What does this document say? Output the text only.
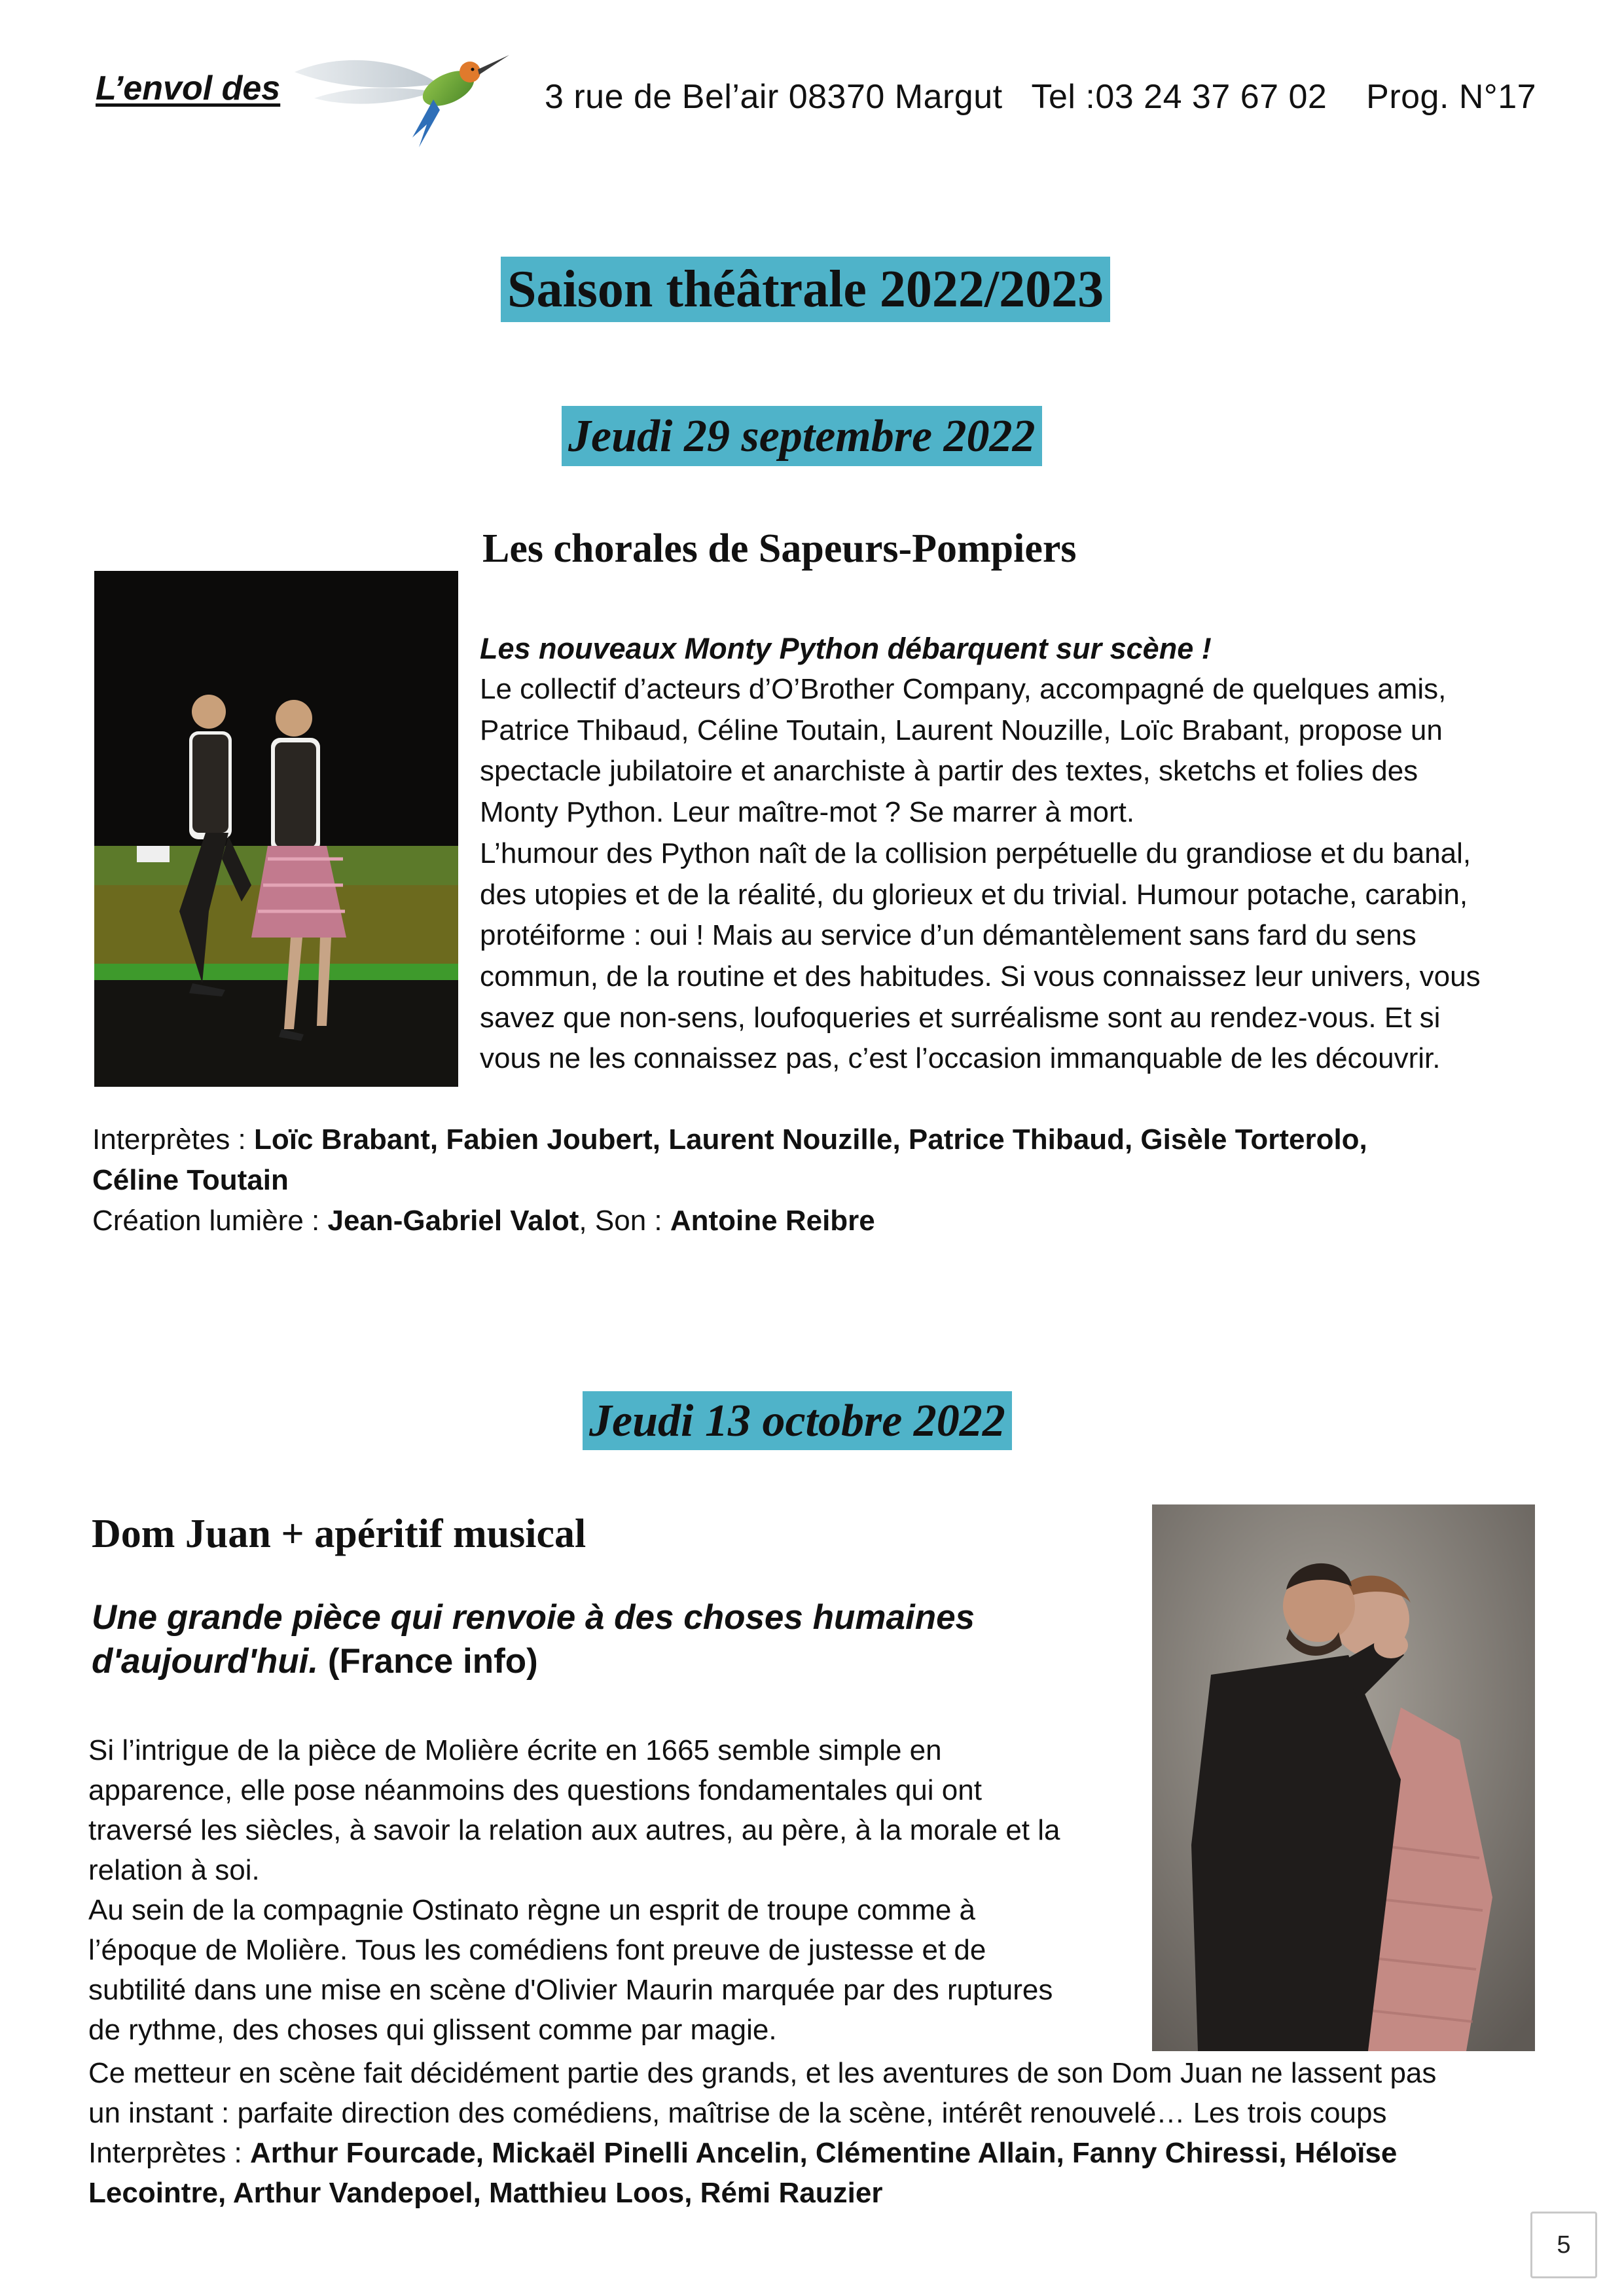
L’envol des	3 rue de Bel’air 08370 Margut   Tel :03 24 37 67 02    Prog. N°17
Saison théâtrale 2022/2023
Jeudi 29 septembre 2022
Les chorales de Sapeurs-Pompiers
Les nouveaux Monty Python débarquent sur scène !

Le collectif d’acteurs d’O’Brother Company, accompagné de quelques amis,

Patrice Thibaud, Céline Toutain, Laurent Nouzille, Loïc Brabant, propose un

spectacle jubilatoire et anarchiste à partir des textes, sketchs et folies des

Monty Python. Leur maître-mot ? Se marrer à mort.

L’humour des Python naît de la collision perpétuelle du grandiose et du banal,

des utopies et de la réalité, du glorieux et du trivial. Humour potache, carabin,

protéiforme : oui ! Mais au service d’un démantèlement sans fard du sens

commun, de la routine et des habitudes. Si vous connaissez leur univers, vous

savez que non-sens, loufoqueries et surréalisme sont au rendez-vous. Et si

vous ne les connaissez pas, c’est l’occasion immanquable de les découvrir.

Interprètes : Loïc Brabant, Fabien Joubert, Laurent Nouzille, Patrice Thibaud, Gisèle Torterolo,

Céline Toutain

Création lumière : Jean-Gabriel Valot, Son : Antoine Reibre

Jeudi 13 octobre 2022
Dom Juan + apéritif musical
Une grande pièce qui renvoie à des choses humaines
d'aujourd'hui. (France info)

Si l’intrigue de la pièce de Molière écrite en 1665 semble simple en

apparence, elle pose néanmoins des questions fondamentales qui ont

traversé les siècles, à savoir la relation aux autres, au père, à la morale et la

relation à soi.

Au sein de la compagnie Ostinato règne un esprit de troupe comme à

l’époque de Molière. Tous les comédiens font preuve de justesse et de

subtilité dans une mise en scène d'Olivier Maurin marquée par des ruptures

de rythme, des choses qui glissent comme par magie.

Ce metteur en scène fait décidément partie des grands, et les aventures de son Dom Juan ne lassent pas

un instant : parfaite direction des comédiens, maîtrise de la scène, intérêt renouvelé… Les trois coups

Interprètes : Arthur Fourcade, Mickaël Pinelli Ancelin, Clémentine Allain, Fanny Chiressi, Héloïse

Lecointre, Arthur Vandepoel, Matthieu Loos, Rémi Rauzier

5
